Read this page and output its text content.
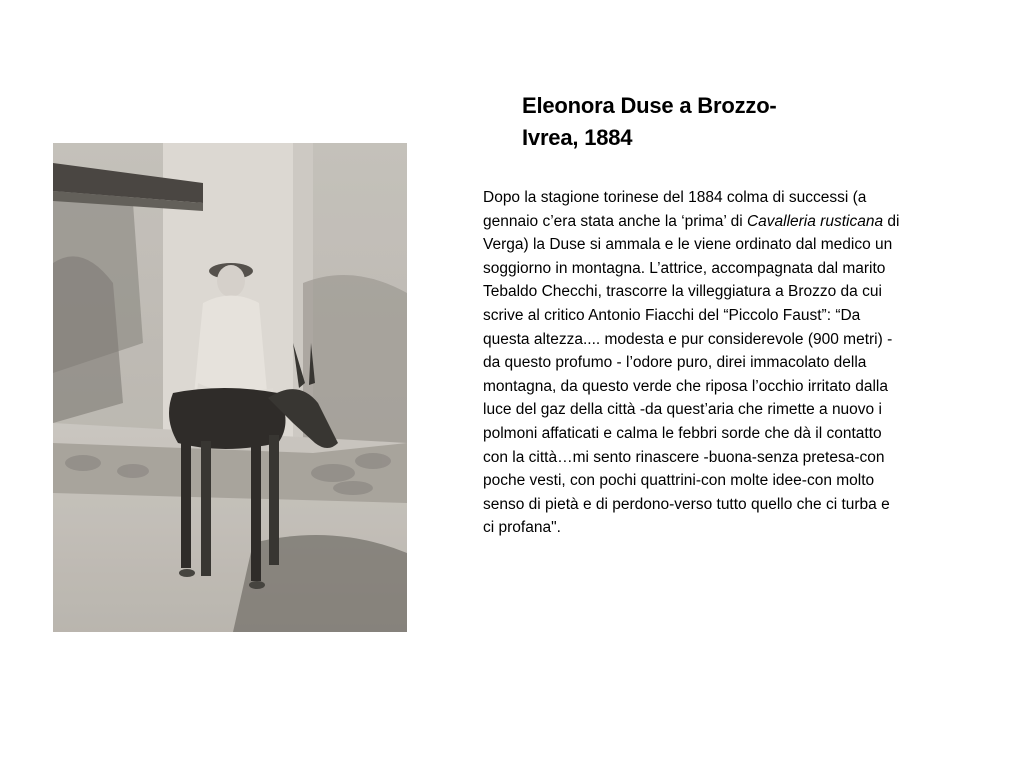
Eleonora Duse a Brozzo-
Ivrea, 1884
Dopo la stagione torinese del 1884 colma di successi (a
gennaio c’era stata anche la ‘prima’ di Cavalleria rusticana di
Verga) la Duse si ammala e le viene ordinato dal medico un
soggiorno in montagna. L’attrice, accompagnata dal marito
Tebaldo Checchi, trascorre la villeggiatura a Brozzo da cui
scrive al critico Antonio Fiacchi del “Piccolo Faust”: “Da
questa altezza.... modesta e pur considerevole (900 metri) -
da questo profumo - l’odore puro, direi immacolato della
montagna, da questo verde che riposa l’occhio irritato dalla
luce del gaz della città -da quest’aria che rimette a nuovo i
polmoni affaticati e calma le febbri sorde che dà il contatto
con la città…mi sento rinascere -buona-senza pretesa-con
poche vesti, con pochi quattrini-con molte idee-con molto
senso di pietà e di perdono-verso tutto quello che ci turba e
ci profana".
